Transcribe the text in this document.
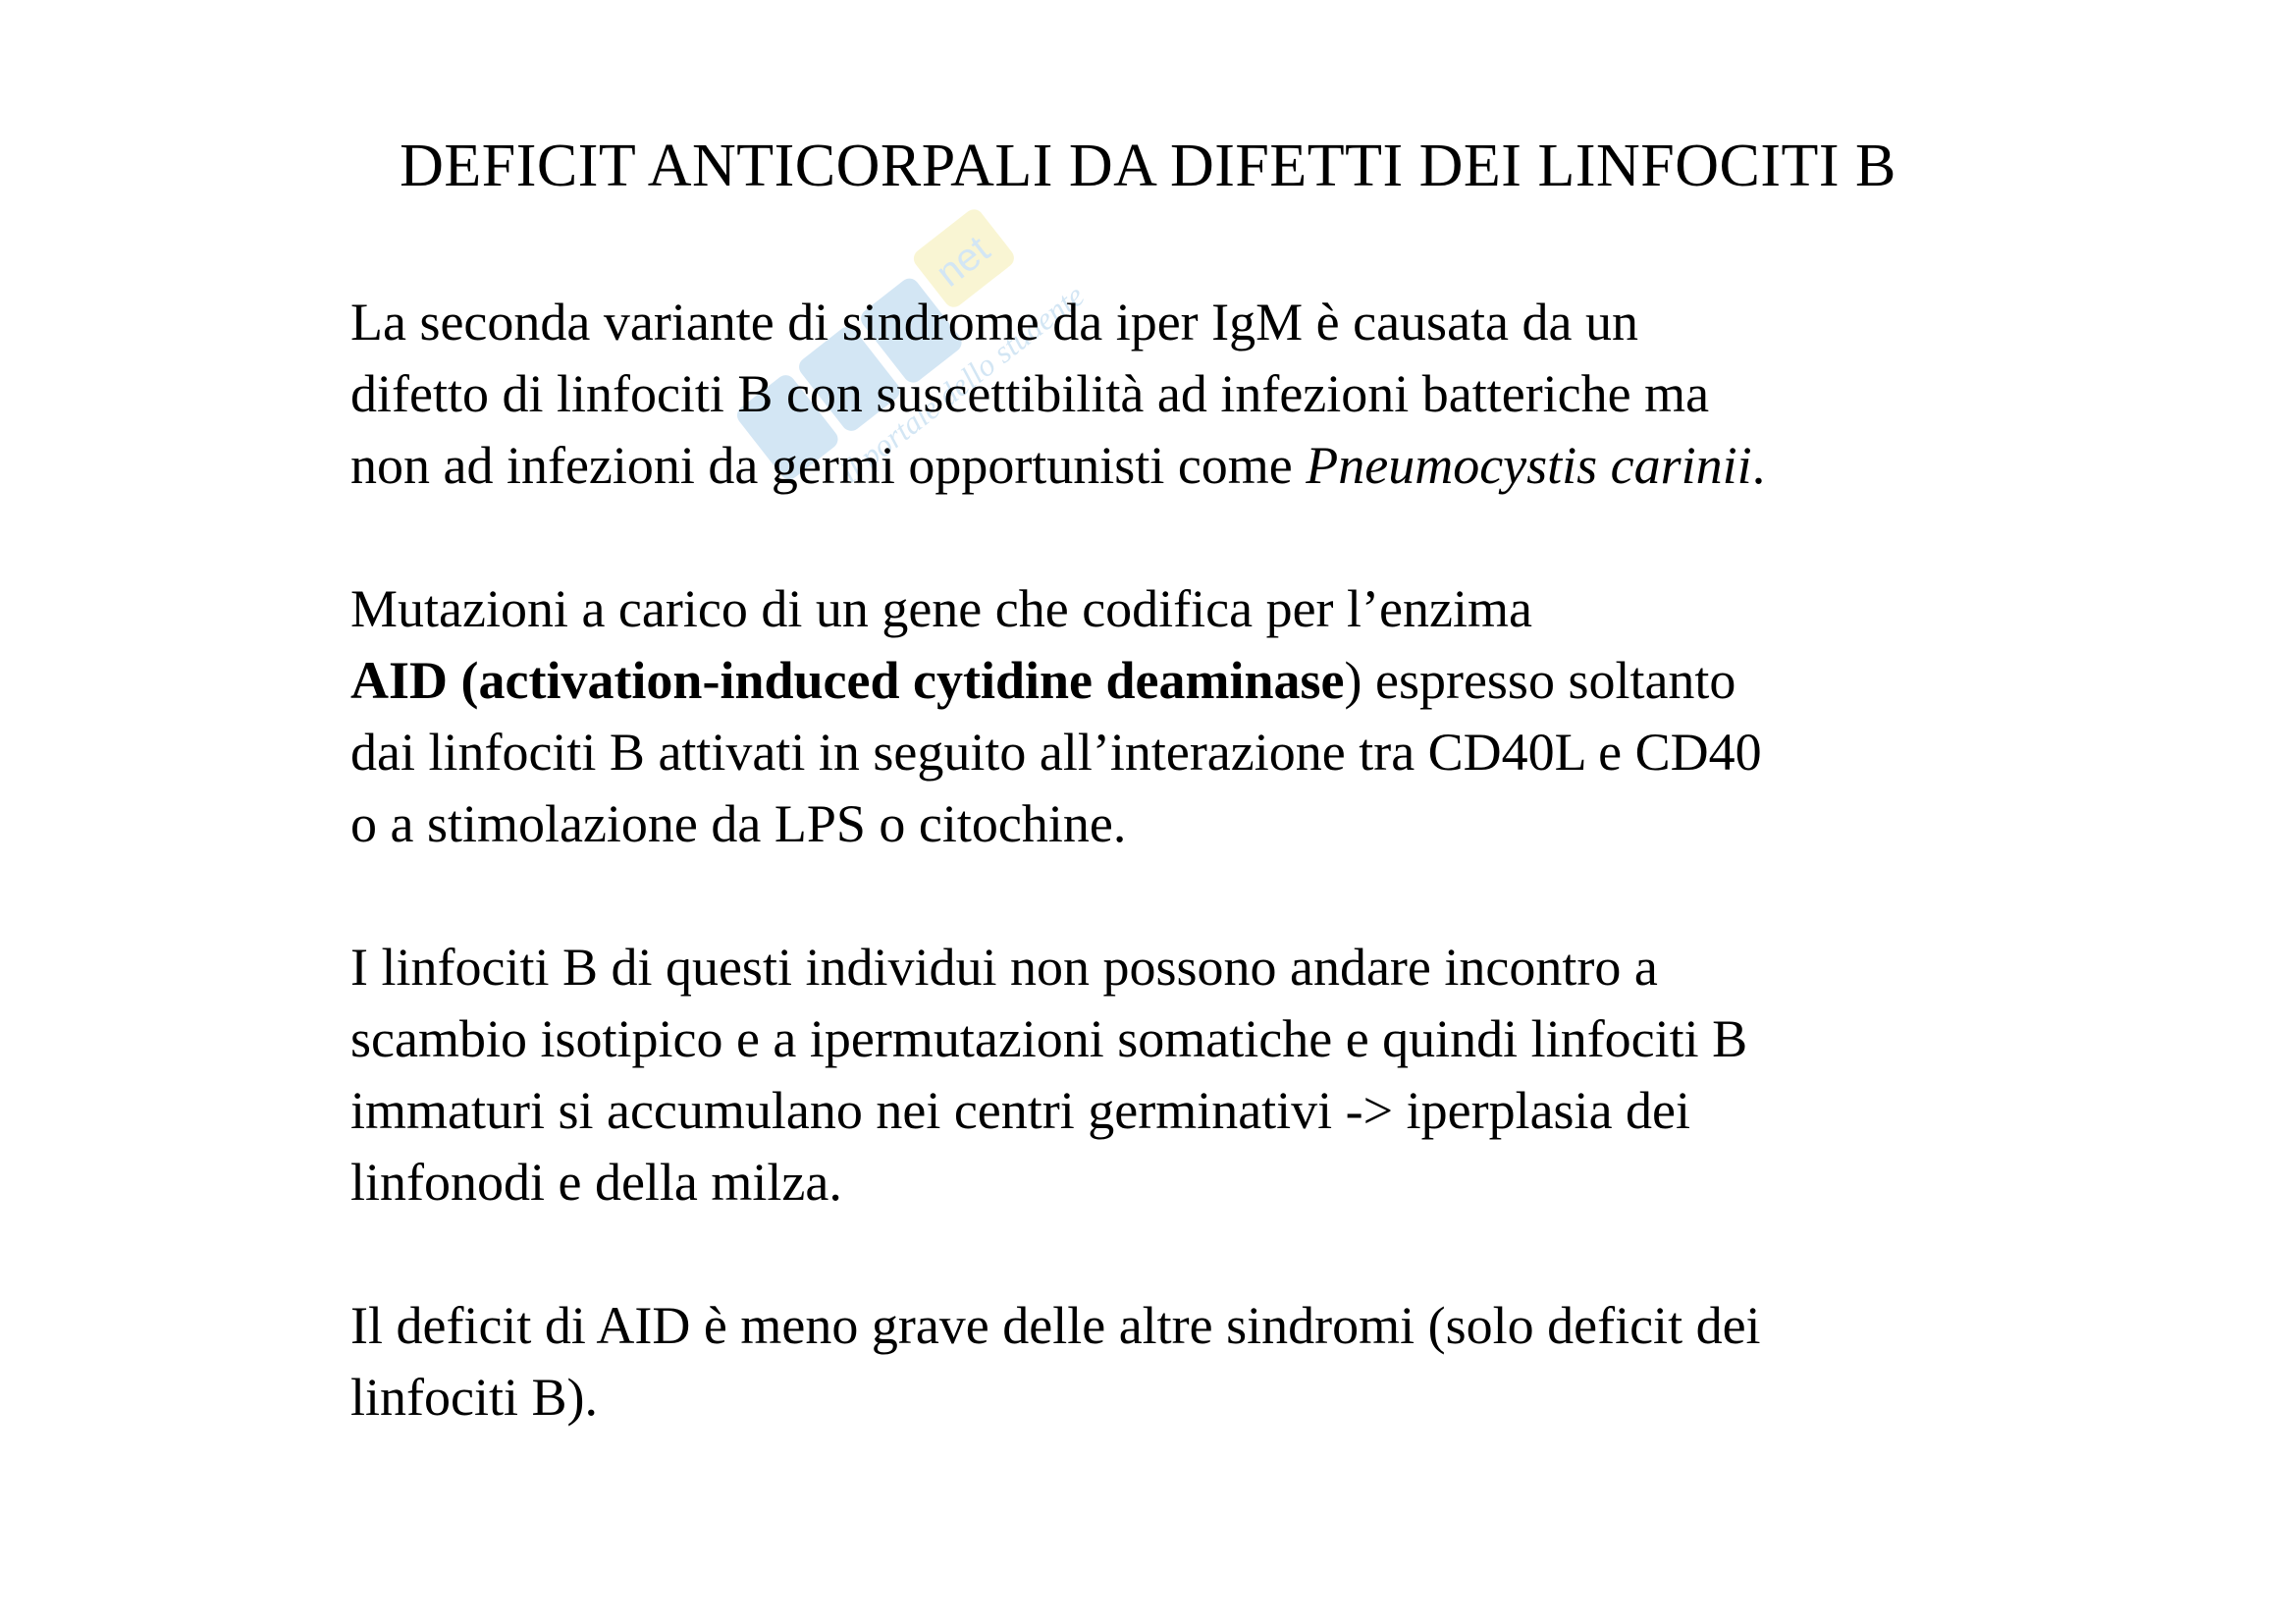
net
il portale dello studente
DEFICIT ANTICORPALI DA DIFETTI DEI LINFOCITI B

La seconda variante di sindrome da iper IgM è causata da un
difetto di linfociti B con suscettibilità ad infezioni batteriche ma
non ad infezioni da germi opportunisti come Pneumocystis carinii.

Mutazioni a carico di un gene che codifica per l’enzima
AID (activation-induced cytidine deaminase) espresso soltanto
dai linfociti B attivati in seguito all’interazione tra CD40L e CD40
o a stimolazione da LPS o citochine.

I linfociti B di questi individui non possono andare incontro a
scambio isotipico e a ipermutazioni somatiche e quindi linfociti B
immaturi si accumulano nei centri germinativi -> iperplasia dei
linfonodi e della milza.

Il deficit di AID è meno grave delle altre sindromi (solo deficit dei
linfociti B).
